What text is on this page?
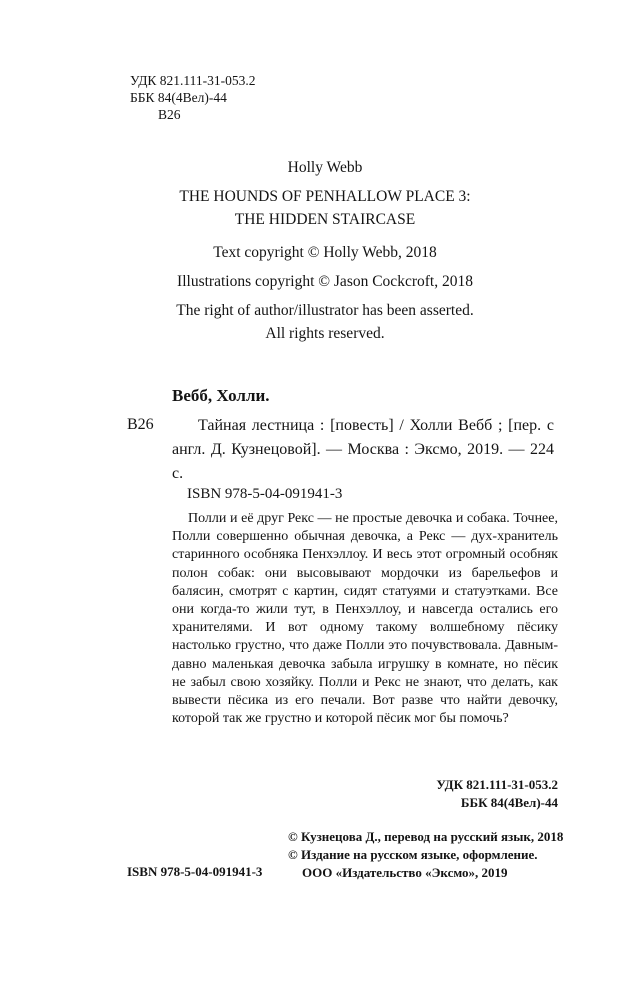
УДК 821.111-31-053.2
ББК 84(4Вел)-44
В26
Holly Webb
THE HOUNDS OF PENHALLOW PLACE 3:
THE HIDDEN STAIRCASE
Text copyright © Holly Webb, 2018
Illustrations copyright © Jason Cockcroft, 2018
The right of author/illustrator has been asserted.
All rights reserved.
Вебб, Холли.
В26	Тайная лестница : [повесть] / Холли Вебб ; [пер. с англ. Д. Кузнецовой]. — Москва : Эксмо, 2019. — 224 с.
ISBN 978-5-04-091941-3

Полли и её друг Рекс — не простые девочка и собака. Точнее, Полли совершенно обычная девочка, а Рекс — дух-хранитель старинного особняка Пенхэллоу. И весь этот огромный особняк полон собак: они высовывают мордочки из барельефов и балясин, смотрят с картин, сидят статуями и статуэтками. Все они когда-то жили тут, в Пенхэллоу, и навсегда остались его хранителями. И вот одному такому волшебному пёсику настолько грустно, что даже Полли это почувствовала. Давным-давно маленькая девочка забыла игрушку в комнате, но пёсик не забыл свою хозяйку. Полли и Рекс не знают, что делать, как вывести пёсика из его печали. Вот разве что найти девочку, которой так же грустно и которой пёсик мог бы помочь?

УДК 821.111-31-053.2
ББК 84(4Вел)-44
© Кузнецова Д., перевод на русский язык, 2018
© Издание на русском языке, оформление.
ООО «Издательство «Эксмо», 2019
ISBN 978-5-04-091941-3
